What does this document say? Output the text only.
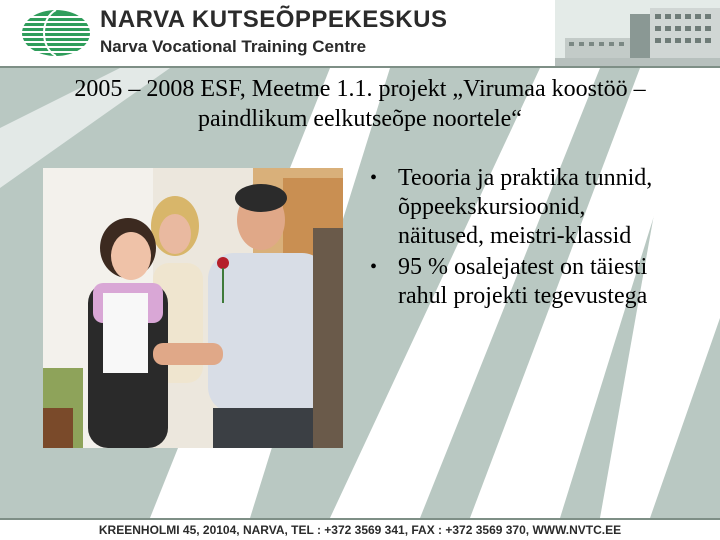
NARVA KUTSEÕPPEKESKUS
Narva Vocational Training Centre
2005 – 2008 ESF, Meetme 1.1. projekt „Virumaa koostöö – paindlikum eelkutseõpe noortele“
• Teooria ja praktika tunnid, õppeekskursioonid, näitused, meistri-klassid
• 95 % osalejatest on täiesti rahul projekti tegevustega
KREENHOLMI 45, 20104, NARVA, TEL : +372 3569 341, FAX : +372 3569 370, WWW.NVTC.EE
